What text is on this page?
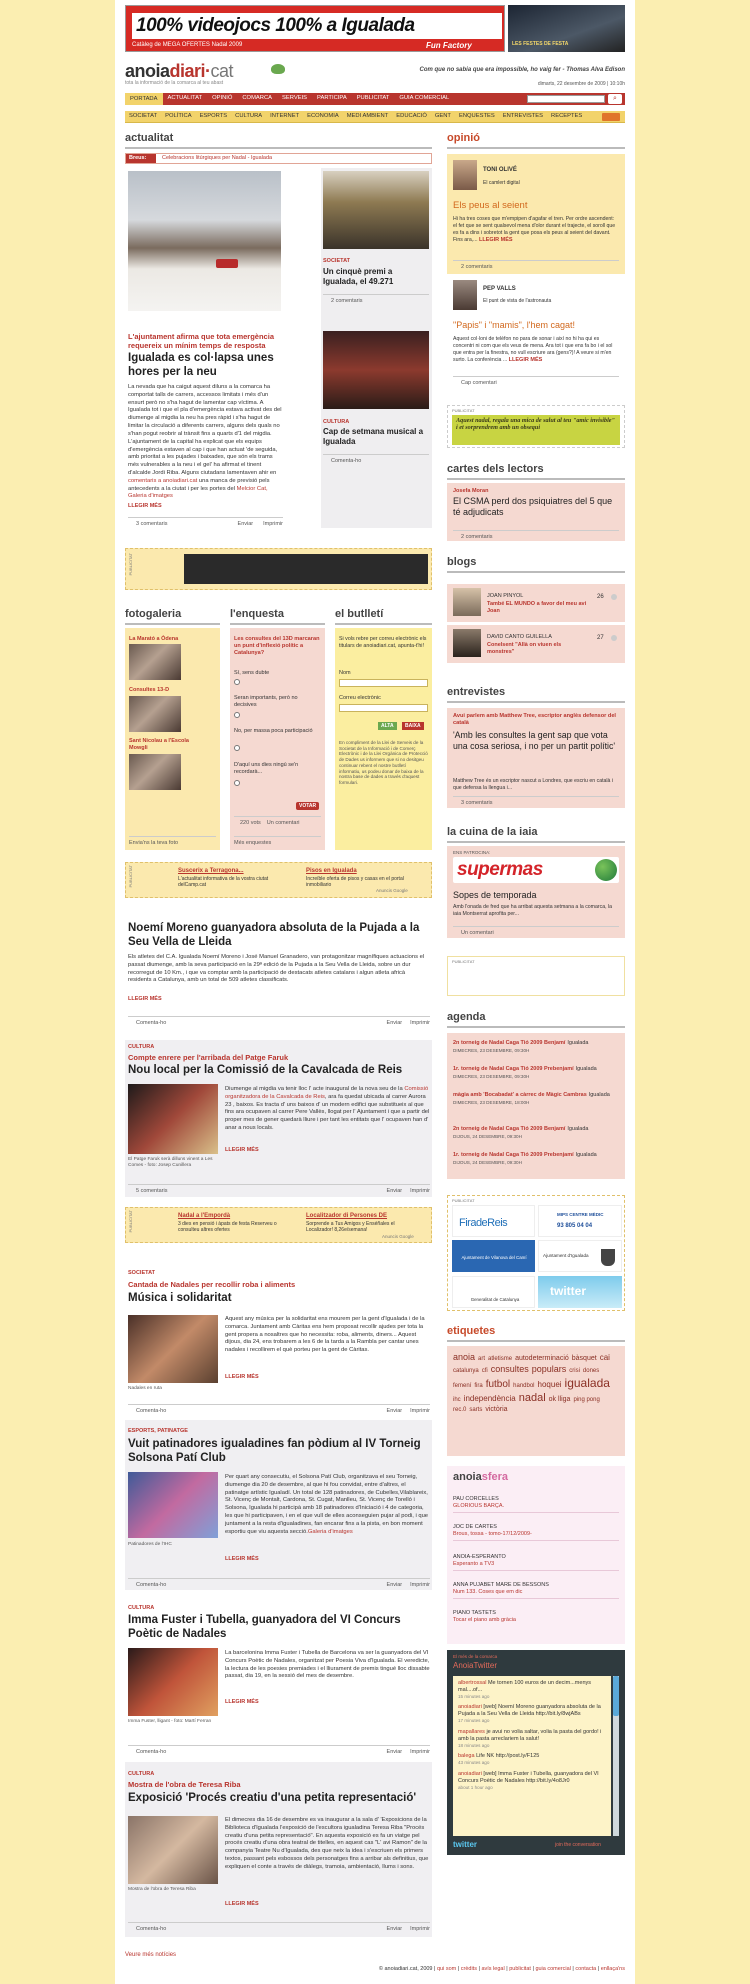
100% videojocs 100% a Igualada
Catàleg de MEGA OFERTES Nadal 2009	Fun Factory	LES FESTES DE FESTA
anoiadiari·cat
tota la informació de la comarca al teu abast
Com que no sabia que era impossible, ho vaig fer - Thomas Alva Edison
dimarts, 22 desembre de 2009 | 10:10h
PORTADA	ACTUALITAT	OPINIÓ	COMARCA	SERVEIS	PARTICIPA	PUBLICITAT	GUIA COMERCIAL	⌕
SOCIETAT	POLÍTICA	ESPORTS	CULTURA	INTERNET	ECONOMIA	MEDI AMBIENT	EDUCACIÓ	GENT	ENQUESTES	ENTREVISTES	RECEPTES
actualitat
Breus:	Celebracions litúrgiques per Nadal - Igualada
L'ajuntament afirma que tota emergència requereix un mínim temps de resposta
Igualada es col·lapsa unes hores per la neu
La nevada que ha caigut aquest diluns a la comarca ha comportat talls de carrers, accessos limitats i més d'un ensurt però no s'ha hagut de lamentar cap víctima. A Igualada tot i que el pla d'emergència estava activat des del diumenge al migdia la neu ha pres ràpid i s'ha hagut de limitar la circulació a diferents carrers, alguns dels quals no s'han pogut reobrir al trànsit fins a quarts d'1 del migdia. L'ajuntament de la capital ha explicat que els equips d'emergència estaven al cap i que han actuat 'de seguida, amb prioritat a les pujades i baixades, que són els trams més vulnerables a la neu i el gel' ha afirmat el tinent d'alcalde Jordi Riba. Alguns ciutadans lamentaven ahir en comentaris a anoiadiari.cat una manca de previsió pels antecedents a la ciutat i per les portes del Melcior Cat, Galeria d'imatges
LLEGIR MÉS
3 comentaris	Enviar Imprimir
SOCIETAT
Un cinquè premi a Igualada, el 49.271
2 comentaris
CULTURA
Cap de setmana musical a Igualada
Comenta-ho
PUBLICITAT
fotogaleria
La Marató a Òdena
Consultes 13-D
Sant Nicolau a l'Escola Mowgli
Envia'ns la teva foto
l'enquesta
Les consultes del 13D marcaran un punt d'inflexió polític a Catalunya?
Sí, sens dubte
Seran importants, però no decisives
No, per massa poca participació
D'aquí uns dies ningú se'n recordarà...
VOTAR
220 vots Un comentari
Més enquestes
el butlletí
Si vols rebre per correu electrònic els titulars de anoiadiari.cat, apunta-t'hi!
Nom
Correu electrònic
ALTA	BAIXA
En compliment de la Llei de Serveis de la Societat de la Informació i de Comerç Electrònic i de la Llei Orgànica de Protecció de Dades us informem que si no desitgeu continuar rebent el nostre butlletí informatiu, us podeu donar de baixa de la nostra base de dades a través d'aquest formulari.
PUBLICITAT	Suscerix a Terragona...
L'actualitat informativa de la vostra ciutat delCamp.cat
Pisos en Igualada
Increíble oferta de pisos y casas en el portal inmobiliario
Anuncis Google
Noemí Moreno guanyadora absoluta de la Pujada a la Seu Vella de Lleida
Els atletes del C.A. Igualada Noemí Moreno i José Manuel Granadero, van protagonitzar magnífiques actuacions el passat diumenge, amb la seva participació en la 29ª edició de la Pujada a la Seu Vella de Lleida, sobre un dur recorregut de 10 Km., i que va comptar amb la participació de destacats atletes catalans i algun atleta africà residents a Catalunya, amb un total de 509 atletes classificats.
LLEGIR MÉS
Comenta-ho	Enviar Imprimir
CULTURA
Compte enrere per l'arribada del Patge Faruk
Nou local per la Comissió de la Cavalcada de Reis
El Patge Faruk serà dilluns vinent a Les Comes - foto: Josep Cunillera
Diumenge al migdia va tenir lloc l' acte inaugural de la nova seu de la Comissió organitzadora de la Cavalcada de Reis, ara fa quedat ubicada al carrer Aurora 23 , baixos. Es tracta d' uns baixos d' un modern edifici que substitueix al que fins ara ocupaven al carrer Pere Vallès, llogat per l' Ajuntament i que a partir del proper mes de gener quedarà lliure i per tant les entitats que l' ocupaven han d' anar a nous locals.
LLEGIR MÉS
5 comentaris	Enviar Imprimir
PUBLICITAT	Nadal a l'Empordà
3 dies en pensió i àpats de festa Reserveu o consulteu altres ofertes
Localitzador di Persones DE
Sorprende a Tus Amigos y Enséñales el Localizador! 8,26e/semana!
Anuncis Google
SOCIETAT
Cantada de Nadales per recollir roba i aliments
Música i solidaritat
Nadales en ruta
Aquest any música per la solidaritat ens mourem per la gent d'Igualada i de la comarca. Juntament amb Càritas ens hem proposat recollir ajudes per tota la gent propera a nosaltres que ho necessita: roba, aliments, diners... Aquest dijous, dia 24, ens trobarem a les 6 de la tarda a la Rambla per cantar unes nadales i recollirem el què porteu per la gent de Càritas.
LLEGIR MÉS
Comenta-ho	Enviar Imprimir
ESPORTS, PATINATGE
Vuit patinadores igualadines fan pòdium al IV Torneig Solsona Patí Club
Patinadores de l'IHC
Per quart any consecutiu, el Solsona Patí Club, organitzava el seu Torneig, diumenge dia 20 de desembre, al que hi fou convidat, entre d'altres, el patinatge artístic Igualadí. Un total de 128 patinadores, de Cubelles,Vilablareix, St. Vicenç de Montalt, Cardona, St. Cugat, Manlleu, St. Vicenç de Torelló i Solsona, Igualada hi participà amb 18 patinadores d'Iniciació i 4 de categoria, les que hi participaven, i en el que vull de elles aconseguien pujar al podi, i que juntament a la resta d'igualadines, fan encarar fins a la pista, en bon moment esportiu que viu aquesta secció.Galeria d'imatges
LLEGIR MÉS
Comenta-ho	Enviar Imprimir
CULTURA
Imma Fuster i Tubella, guanyadora del VI Concurs Poètic de Nadales
Imma Fuster, lligant - foto: Martí Ferran
La barcelonina Imma Fuster i Tubella de Barcelona va ser la guanyadora del VI Concurs Poètic de Nadales, organitzat per Poesia Viva d'Igualada. El veredicte, la lectura de les poesies premiades i el lliurament de premis tingué lloc dissabte passat, dia 19, en la sessió del mes de desembre.
LLEGIR MÉS
Comenta-ho	Enviar Imprimir
CULTURA
Mostra de l'obra de Teresa Riba
Exposició 'Procés creatiu d'una petita representació'
Mostra de l'obra de Teresa Riba
El dimecres dia 16 de desembre es va inaugurar a la sala d' 'Exposicions de la Biblioteca d'Igualada l'exposició de l'escultora igualadina Teresa Riba "Procés creatiu d'una petita representació". En aquesta exposició es fa un viatge pel procés creatiu d'una obra teatral de titelles, en aquest cas "L' avi Ramon" de la companyia Teatre Nu d'Igualada, des que neix la idea i s'escriuen els primers textos, passant pels esbossos dels personatges fins a arribar als definitius, que expliquen el conte a través de diàlegs, tramoia, ambientació, llums i sons.
LLEGIR MÉS
Comenta-ho	Enviar Imprimir
Veure més notícies
© anoiadiari.cat, 2009 | qui som | crèdits | avís legal | publicitat | guia comercial | contacta | enllaça'ns
opinió
TONI OLIVÉ
El camlert digital
Els peus al seient
Hi ha tres coses que m'empipen d'agafar el tren. Per ordre ascendent: el fet que se sent qualsevol mena d'olor durant el trajecte, el soroll que es fa a dins i sobretot la gent que posa els peus al seient del davant. Fins ara,... LLEGIR MÉS
2 comentaris
PEP VALLS
El punt de vista de l'astronauta
"Papis" i "mamis", l'hem cagat!
Aquest col·loni de telèfon no para de sonar i així no hi ha qui es concentri ni com que els veus de mena. Ara tot i que ens fa bo i el sol que entra per la finestra, no vull escriure ara (gens?)! A veure si m'en surto. La conferència ... LLEGIR MÉS
Cap comentari
PUBLICITAT
Aquest nadal, regala una mica de salut al teu "amic invisible" i et sorprendrem amb un obsequi
cartes dels lectors
Josefa Moran
El CSMA perd dos psiquiatres del 5 que té adjudicats
2 comentaris
blogs
JOAN PINYOL
També EL MUNDO a favor del meu avi Joan
26
DAVID CANTO GUILELLA
Conelsent "Allà on viuen els monstres"
27
entrevistes
Avui parlem amb Matthew Tree, escriptor anglès defensor del català
'Amb les consultes la gent sap que vota una cosa seriosa, i no per un partit polític'
Matthew Tree és un escriptor nascut a Londres, que escriu en català i que defensa la llengua i...
3 comentaris
la cuina de la iaia
ENS PATROCINA:
supermas
Sopes de temporada
Amb l'onada de fred que ha arribat aquesta setmana a la comarca, la iaia Montserrat aprofita per...
Un comentari
PUBLICITAT
agenda
2n torneig de Nadal Caga Tió 2009 Benjamí Igualada
DIMECRES, 23 DESEMBRE, 09:30H
1r. torneig de Nadal Caga Tió 2009 Prebenjamí Igualada
DIMECRES, 23 DESEMBRE, 09:30H
màgia amb 'Bocabadat' a càrrec de Màgic Cambras Igualada
DIMECRES, 23 DESEMBRE, 18:00H
2n torneig de Nadal Caga Tió 2009 Benjamí Igualada
DIJOUS, 24 DESEMBRE, 09:30H
1r. torneig de Nadal Caga Tió 2009 Prebenjamí Igualada
DIJOUS, 24 DESEMBRE, 09:30H
PUBLICITAT
FiradeReis
MIPS CENTRE MÈDIC
93 805 04 04
Ajuntament de Vilanova del Camí	Ajuntament d'Igualada
Generalitat de Catalunya
twitter
etiquetes
anoia art atletisme autodeterminació bàsquet caicatalunya cfi consultes populars crisi donesfemení fira futbol handbol hoquei igualadaihc independència nadal ok lliga ping pongrec.0 sarts victòria
anoiasfera
PAU CORCELLES
GLORIOUS BARÇA.
JOC DE CARTES
Brous, tossa - tomo-17/12/2009-
ANOIA-ESPERANTO
Esperanto a TV3
ANNA PUJABET MARE DE BESSONS
Num 133. Coses que em dic
PIANO TASTETS
Tocar el piano amb gràcia
El més de la comarca
AnoiaTwitter
albertrossal Me tornen 100 euros de un decim...menys mal....of...
15 minutes ago
anoiadiari [web] Noemí Moreno guanyadora absoluta de la Pujada a la Seu Vella de Lleida http://bit.ly/8wjABs
17 minutes ago
mapallares je avui no volia saltar, volia la pasta del gordo! i amb la pasta arreclariem la salut!
18 minutes ago
balega Life NK http://post.ly/F125
43 minutes ago
anoiadiari [web] Imma Fuster i Tubella, guanyadora del VI Concurs Poètic de Nadales http://bit.ly/4o8Jr0
about 1 hour ago
twitter	join the conversation
